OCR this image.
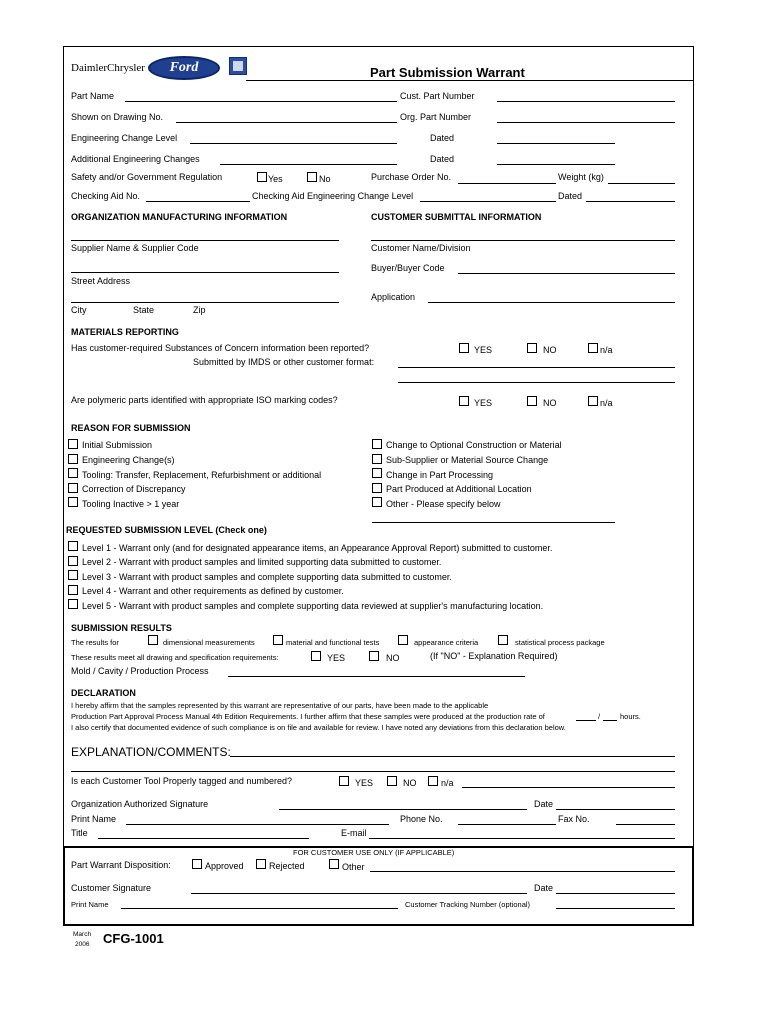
DaimlerChrysler	Ford	Part Submission Warrant
Part Name	Cust. Part Number
Shown on Drawing No.	Org. Part Number
Engineering Change Level	Dated
Additional Engineering Changes	Dated
Safety and/or Government Regulation	Yes	No	Purchase Order No.	Weight (kg)
Checking Aid No.	Checking Aid Engineering Change Level	Dated
ORGANIZATION MANUFACTURING INFORMATION	CUSTOMER SUBMITTAL INFORMATION
Supplier Name & Supplier Code	Customer Name/Division
Buyer/Buyer Code
Street Address
Application
City	State	Zip
MATERIALS REPORTING
Has customer-required Substances of Concern information been reported?	YES	NO	n/a
Submitted by IMDS or other customer format:
Are polymeric parts identified with appropriate ISO marking codes?	YES	NO	n/a
REASON FOR SUBMISSION
Initial Submission
Engineering Change(s)
Tooling: Transfer, Replacement, Refurbishment or additional
Correction of Discrepancy
Tooling Inactive > 1 year
Change to Optional Construction or Material
Sub-Supplier or Material Source Change
Change in Part Processing
Part Produced at Additional Location
Other - Please specify below
REQUESTED SUBMISSION LEVEL (Check one)
Level 1 - Warrant only (and for designated appearance items, an Appearance Approval Report) submitted to customer.
Level 2 - Warrant with product samples and limited supporting data submitted to customer.
Level 3 - Warrant with product samples and complete supporting data submitted to customer.
Level 4 - Warrant and other requirements as defined by customer.
Level 5 - Warrant with product samples and complete supporting data reviewed at supplier's manufacturing location.
SUBMISSION RESULTS
The results for	dimensional measurements	material and functional tests	appearance criteria	statistical process package
These results meet all drawing and specification requirements:	YES	NO	(If "NO" - Explanation Required)
Mold / Cavity / Production Process
DECLARATION
I hereby affirm that the samples represented by this warrant are representative of our parts, have been made to the applicable
Production Part Approval Process Manual 4th Edition Requirements. I further affirm that these samples were produced at the production rate of	/	hours.
I also certify that documented evidence of such compliance is on file and available for review. I have noted any deviations from this declaration below.
EXPLANATION/COMMENTS:
Is each Customer Tool Properly tagged and numbered?	YES	NO	n/a
Organization Authorized Signature	Date
Print Name	Phone No.	Fax No.
Title	E-mail
FOR CUSTOMER USE ONLY (IF APPLICABLE)
Part Warrant Disposition:	Approved	Rejected	Other
Customer Signature	Date
Print Name	Customer Tracking Number (optional)
March
2006 CFG-1001
